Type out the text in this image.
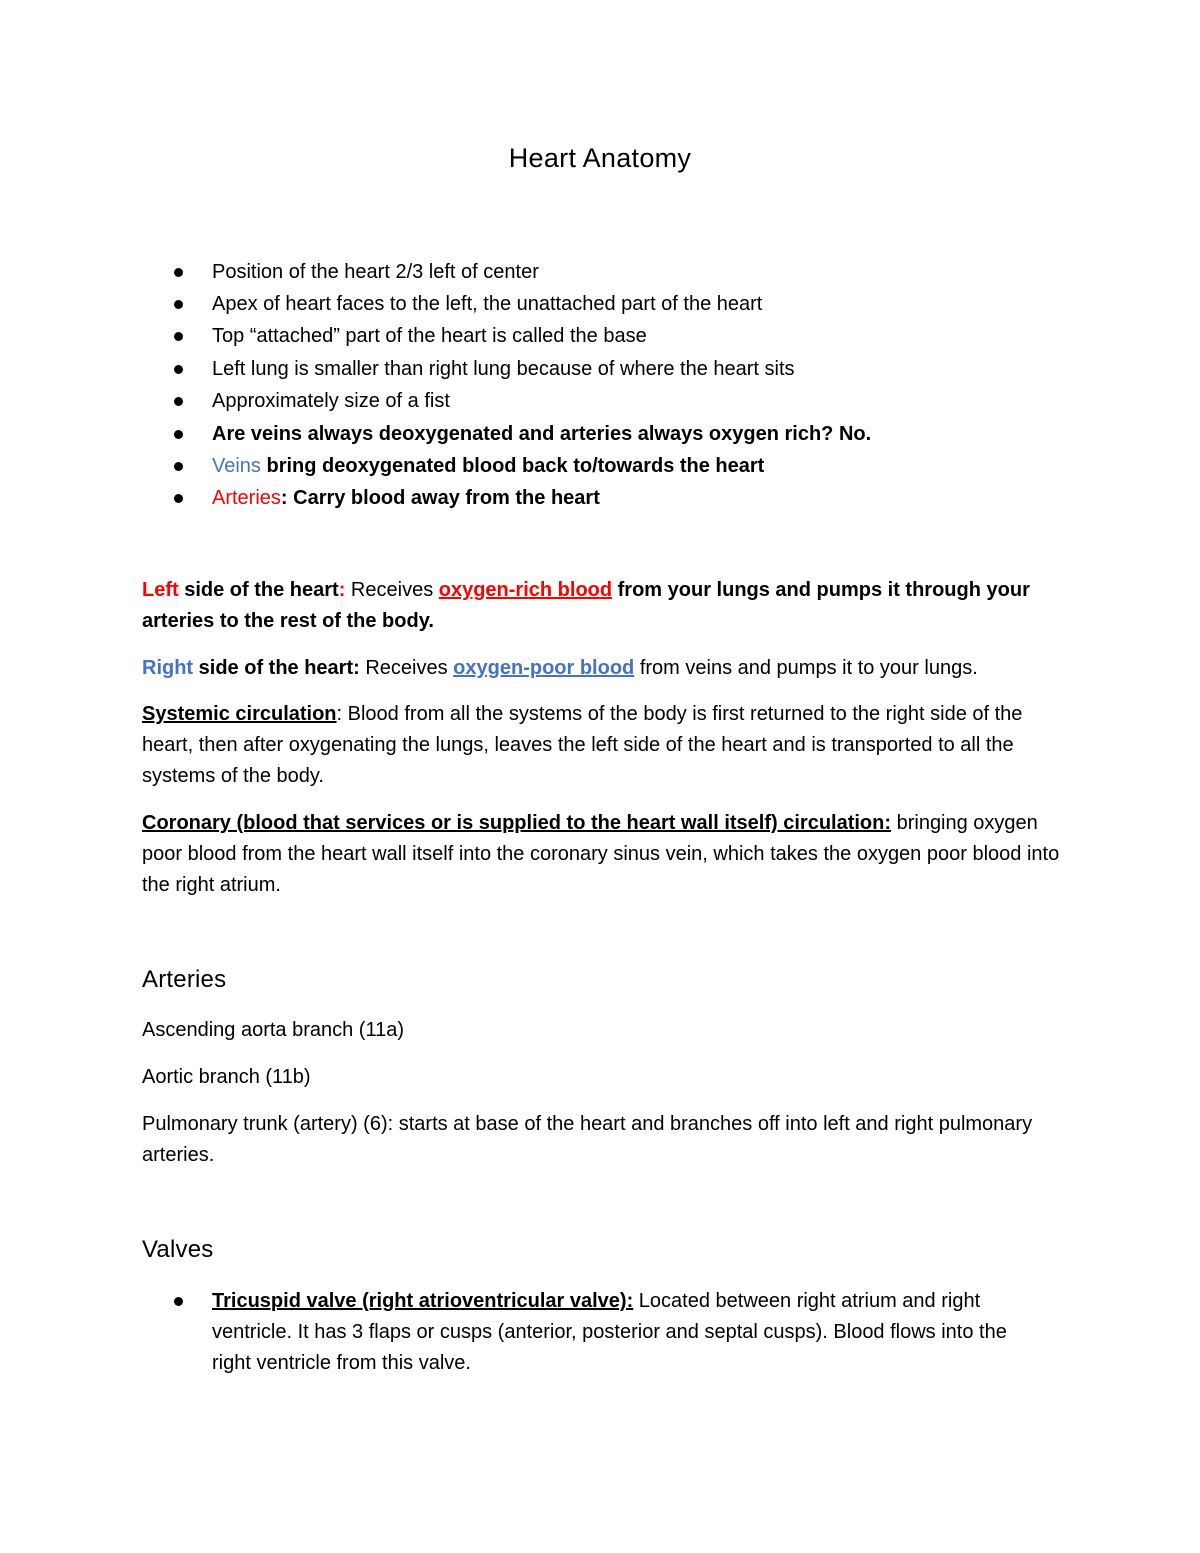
Heart Anatomy
Position of the heart 2/3 left of center
Apex of heart faces to the left, the unattached part of the heart
Top “attached” part of the heart is called the base
Left lung is smaller than right lung because of where the heart sits
Approximately size of a fist
Are veins always deoxygenated and arteries always oxygen rich? No.
Veins bring deoxygenated blood back to/towards the heart
Arteries: Carry blood away from the heart

Left side of the heart: Receives oxygen-rich blood from your lungs and pumps it through your arteries to the rest of the body.

Right side of the heart: Receives oxygen-poor blood from veins and pumps it to your lungs.

Systemic circulation: Blood from all the systems of the body is first returned to the right side of the heart, then after oxygenating the lungs, leaves the left side of the heart and is transported to all the systems of the body.

Coronary (blood that services or is supplied to the heart wall itself) circulation: bringing oxygen poor blood from the heart wall itself into the coronary sinus vein, which takes the oxygen poor blood into the right atrium.

Arteries

Ascending aorta branch (11a)

Aortic branch (11b)

Pulmonary trunk (artery) (6): starts at base of the heart and branches off into left and right pulmonary arteries.

Valves
Tricuspid valve (right atrioventricular valve): Located between right atrium and right ventricle. It has 3 flaps or cusps (anterior, posterior and septal cusps). Blood flows into the right ventricle from this valve.
